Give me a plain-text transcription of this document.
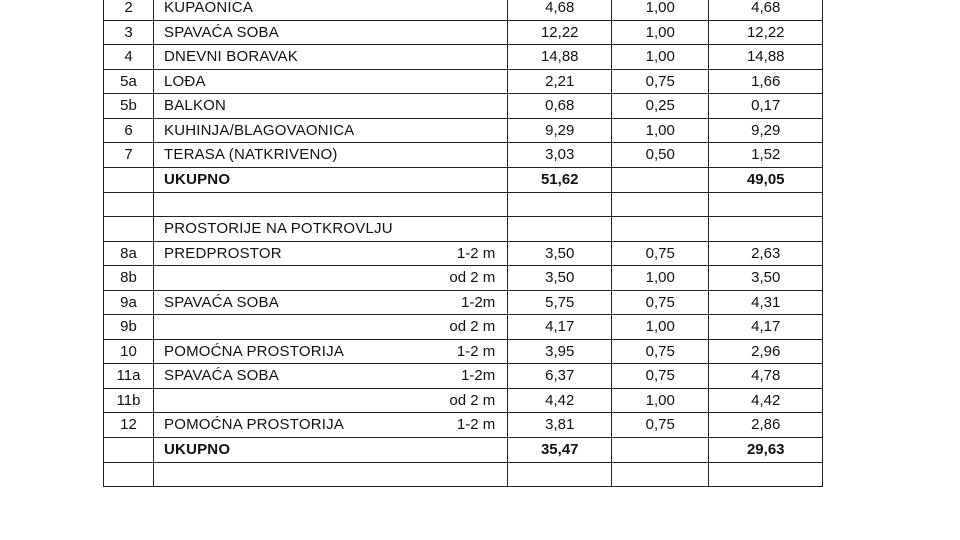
2	KUPAONICA		4,68	1,00	4,68
3	SPAVAĆA SOBA		12,22	1,00	12,22
4	DNEVNI BORAVAK		14,88	1,00	14,88
5a	LOĐA		2,21	0,75	1,66
5b	BALKON		0,68	0,25	0,17
6	KUHINJA/BLAGOVAONICA		9,29	1,00	9,29
7	TERASA (NATKRIVENO)		3,03	0,50	1,52
	UKUPNO		51,62		49,05

	PROSTORIJE NA POTKROVLJU				
8a	PREDPROSTOR	1-2 m	3,50	0,75	2,63
8b		od 2 m	3,50	1,00	3,50
9a	SPAVAĆA SOBA	1-2m	5,75	0,75	4,31
9b		od 2 m	4,17	1,00	4,17
10	POMOĆNA PROSTORIJA	1-2 m	3,95	0,75	2,96
11a	SPAVAĆA SOBA	1-2m	6,37	0,75	4,78
11b		od 2 m	4,42	1,00	4,42
12	POMOĆNA PROSTORIJA	1-2 m	3,81	0,75	2,86
	UKUPNO		35,47		29,63
